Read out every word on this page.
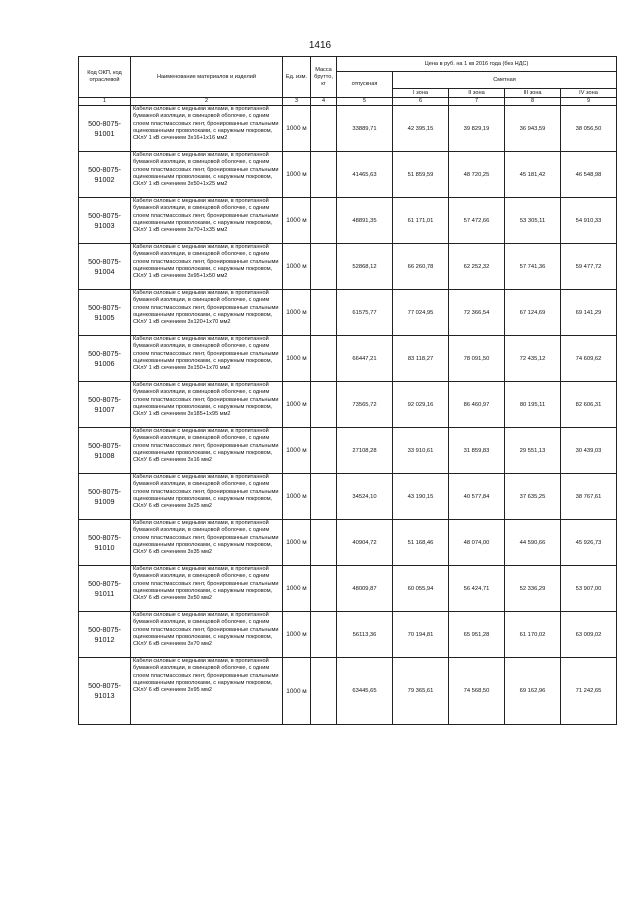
1416
Код ОКП, код отраслевой	Наименование материалов и изделий	Ед. изм.	Масса брутто, кг	Цена в руб. на 1 кв 2016 года (без НДС)				
				отпускная	Сметная			
					I зона	II зона	III зона	IV зона
1	2	3	4	5	6	7	8	9
500-8075-91001	Кабели силовые с медными жилами, в пропитанной бумажной изоляции, в свинцовой оболочке, с одним слоем пластмассовых лент, бронированные стальными оцинкованными проволоками, с наружным покровом, СКлУ 1 кВ сечением 3х16+1х16 мм2	1000 м		33889,71	42 395,15	39 829,19	36 943,59	38 056,50
500-8075-91002	Кабели силовые с медными жилами, в пропитанной бумажной изоляции, в свинцовой оболочке, с одним слоем пластмассовых лент, бронированные стальными оцинкованными проволоками, с наружным покровом, СКлУ 1 кВ сечением 3х50+1х25 мм2	1000 м		41465,63	51 859,59	48 720,25	45 181,42	46 548,98
500-8075-91003	Кабели силовые с медными жилами, в пропитанной бумажной изоляции, в свинцовой оболочке, с одним слоем пластмассовых лент, бронированные стальными оцинкованными проволоками, с наружным покровом, СКлУ 1 кВ сечением 3х70+1х35 мм2	1000 м		48891,35	61 171,01	57 472,66	53 305,11	54 910,33
500-8075-91004	Кабели силовые с медными жилами, в пропитанной бумажной изоляции, в свинцовой оболочке, с одним слоем пластмассовых лент, бронированные стальными оцинкованными проволоками, с наружным покровом, СКлУ 1 кВ сечением 3х95+1х50 мм2	1000 м		52868,12	66 260,78	62 252,32	57 741,36	59 477,72
500-8075-91005	Кабели силовые с медными жилами, в пропитанной бумажной изоляции, в свинцовой оболочке, с одним слоем пластмассовых лент, бронированные стальными оцинкованными проволоками, с наружным покровом, СКлУ 1 кВ сечением 3х120+1х70 мм2	1000 м		61575,77	77 024,95	72 366,54	67 124,69	69 141,29
500-8075-91006	Кабели силовые с медными жилами, в пропитанной бумажной изоляции, в свинцовой оболочке, с одним слоем пластмассовых лент, бронированные стальными оцинкованными проволоками, с наружным покровом, СКлУ 1 кВ сечением 3х150+1х70 мм2	1000 м		66447,21	83 118,27	78 091,50	72 435,12	74 609,62
500-8075-91007	Кабели силовые с медными жилами, в пропитанной бумажной изоляции, в свинцовой оболочке, с одним слоем пластмассовых лент, бронированные стальными оцинкованными проволоками, с наружным покровом, СКлУ 1 кВ сечением 3х185+1х95 мм2	1000 м		73565,72	92 029,16	86 460,97	80 195,11	82 606,31
500-8075-91008	Кабели силовые с медными жилами, в пропитанной бумажной изоляции, в свинцовой оболочке, с одним слоем пластмассовых лент, бронированные стальными оцинкованными проволоками, с наружным покровом, СКлУ 6 кВ сечением 3х16 мм2	1000 м		27108,28	33 910,61	31 859,83	29 551,13	30 439,03
500-8075-91009	Кабели силовые с медными жилами, в пропитанной бумажной изоляции, в свинцовой оболочке, с одним слоем пластмассовых лент, бронированные стальными оцинкованными проволоками, с наружным покровом, СКлУ 6 кВ сечением 3х25 мм2	1000 м		34524,10	43 190,15	40 577,84	37 635,25	38 767,61
500-8075-91010	Кабели силовые с медными жилами, в пропитанной бумажной изоляции, в свинцовой оболочке, с одним слоем пластмассовых лент, бронированные стальными оцинкованными проволоками, с наружным покровом, СКлУ 6 кВ сечением 3х35 мм2	1000 м		40904,72	51 168,46	48 074,00	44 590,66	45 926,73
500-8075-91011	Кабели силовые с медными жилами, в пропитанной бумажной изоляции, в свинцовой оболочке, с одним слоем пластмассовых лент, бронированные стальными оцинкованными проволоками, с наружным покровом, СКлУ 6 кВ сечением 3х50 мм2	1000 м		48009,87	60 055,94	56 424,71	52 336,29	53 907,00
500-8075-91012	Кабели силовые с медными жилами, в пропитанной бумажной изоляции, в свинцовой оболочке, с одним слоем пластмассовых лент, бронированные стальными оцинкованными проволоками, с наружным покровом, СКлУ 6 кВ сечением 3х70 мм2	1000 м		56113,36	70 194,81	65 951,28	61 170,02	63 009,02
500-8075-91013	Кабели силовые с медными жилами, в пропитанной бумажной изоляции, в свинцовой оболочке, с одним слоем пластмассовых лент, бронированные стальными оцинкованными проволоками, с наружным покровом, СКлУ 6 кВ сечением 3х95 мм2	1000 м		63445,65	79 365,61	74 568,50	69 162,96	71 242,65
